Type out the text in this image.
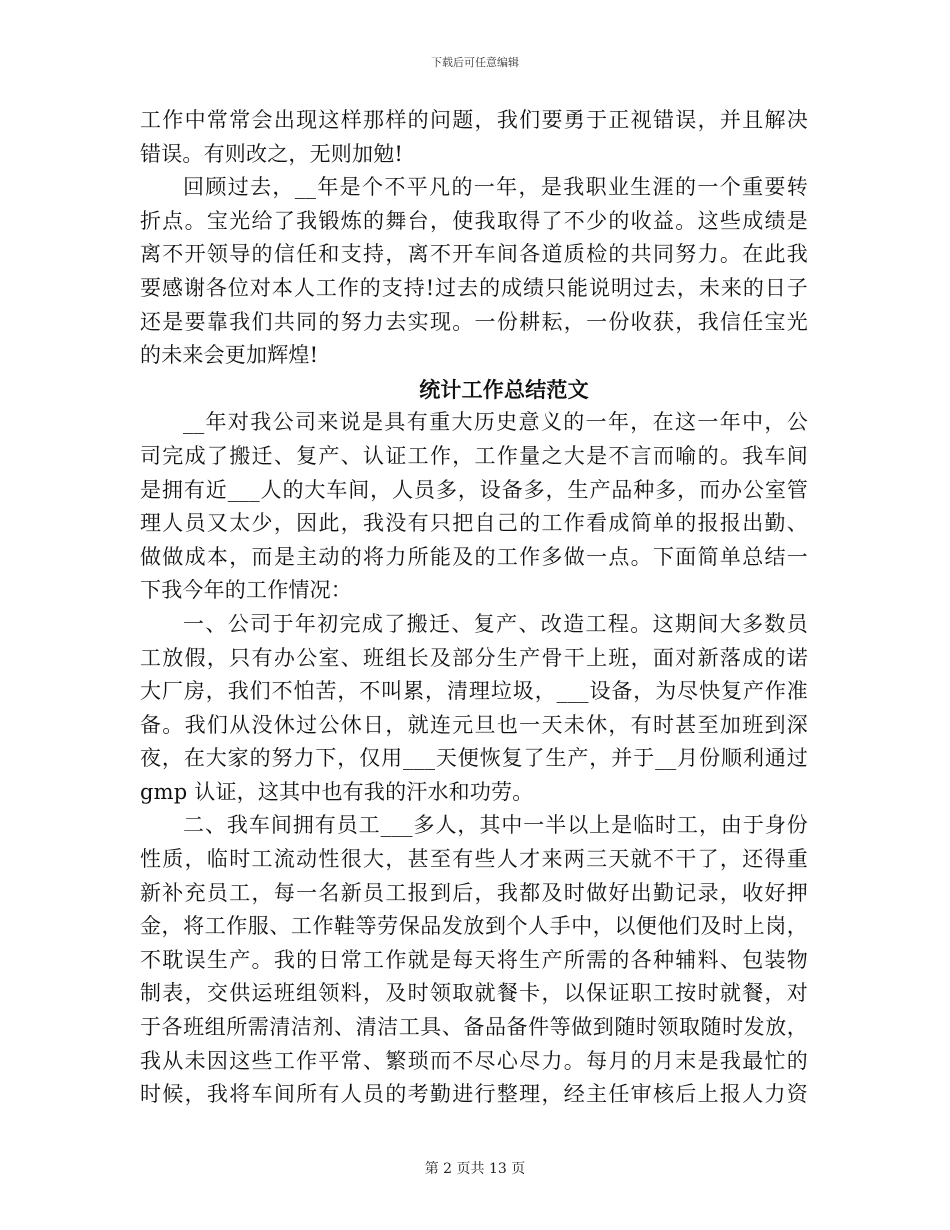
下载后可任意编辑
工作中常常会出现这样那样的问题，我们要勇于正视错误，并且解决
错误。有则改之，无则加勉!
回顾过去，__年是个不平凡的一年，是我职业生涯的一个重要转
折点。宝光给了我锻炼的舞台，使我取得了不少的收益。这些成绩是
离不开领导的信任和支持，离不开车间各道质检的共同努力。在此我
要感谢各位对本人工作的支持!过去的成绩只能说明过去，未来的日子
还是要靠我们共同的努力去实现。一份耕耘，一份收获，我信任宝光
的未来会更加辉煌!
统计工作总结范文
__年对我公司来说是具有重大历史意义的一年，在这一年中，公
司完成了搬迁、复产、认证工作，工作量之大是不言而喻的。我车间
是拥有近___人的大车间，人员多，设备多，生产品种多，而办公室管
理人员又太少，因此，我没有只把自己的工作看成简单的报报出勤、
做做成本，而是主动的将力所能及的工作多做一点。下面简单总结一
下我今年的工作情况：
一、公司于年初完成了搬迁、复产、改造工程。这期间大多数员
工放假，只有办公室、班组长及部分生产骨干上班，面对新落成的诺
大厂房，我们不怕苦，不叫累，清理垃圾，___设备，为尽快复产作准
备。我们从没休过公休日，就连元旦也一天未休，有时甚至加班到深
夜，在大家的努力下，仅用___天便恢复了生产，并于__月份顺利通过
gmp 认证，这其中也有我的汗水和功劳。
二、我车间拥有员工___多人，其中一半以上是临时工，由于身份
性质，临时工流动性很大，甚至有些人才来两三天就不干了，还得重
新补充员工，每一名新员工报到后，我都及时做好出勤记录，收好押
金，将工作服、工作鞋等劳保品发放到个人手中，以便他们及时上岗，
不耽误生产。我的日常工作就是每天将生产所需的各种辅料、包装物
制表，交供运班组领料，及时领取就餐卡，以保证职工按时就餐，对
于各班组所需清洁剂、清洁工具、备品备件等做到随时领取随时发放，
我从未因这些工作平常、繁琐而不尽心尽力。每月的月末是我最忙的
时候，我将车间所有人员的考勤进行整理，经主任审核后上报人力资
第 2 页共 13 页
